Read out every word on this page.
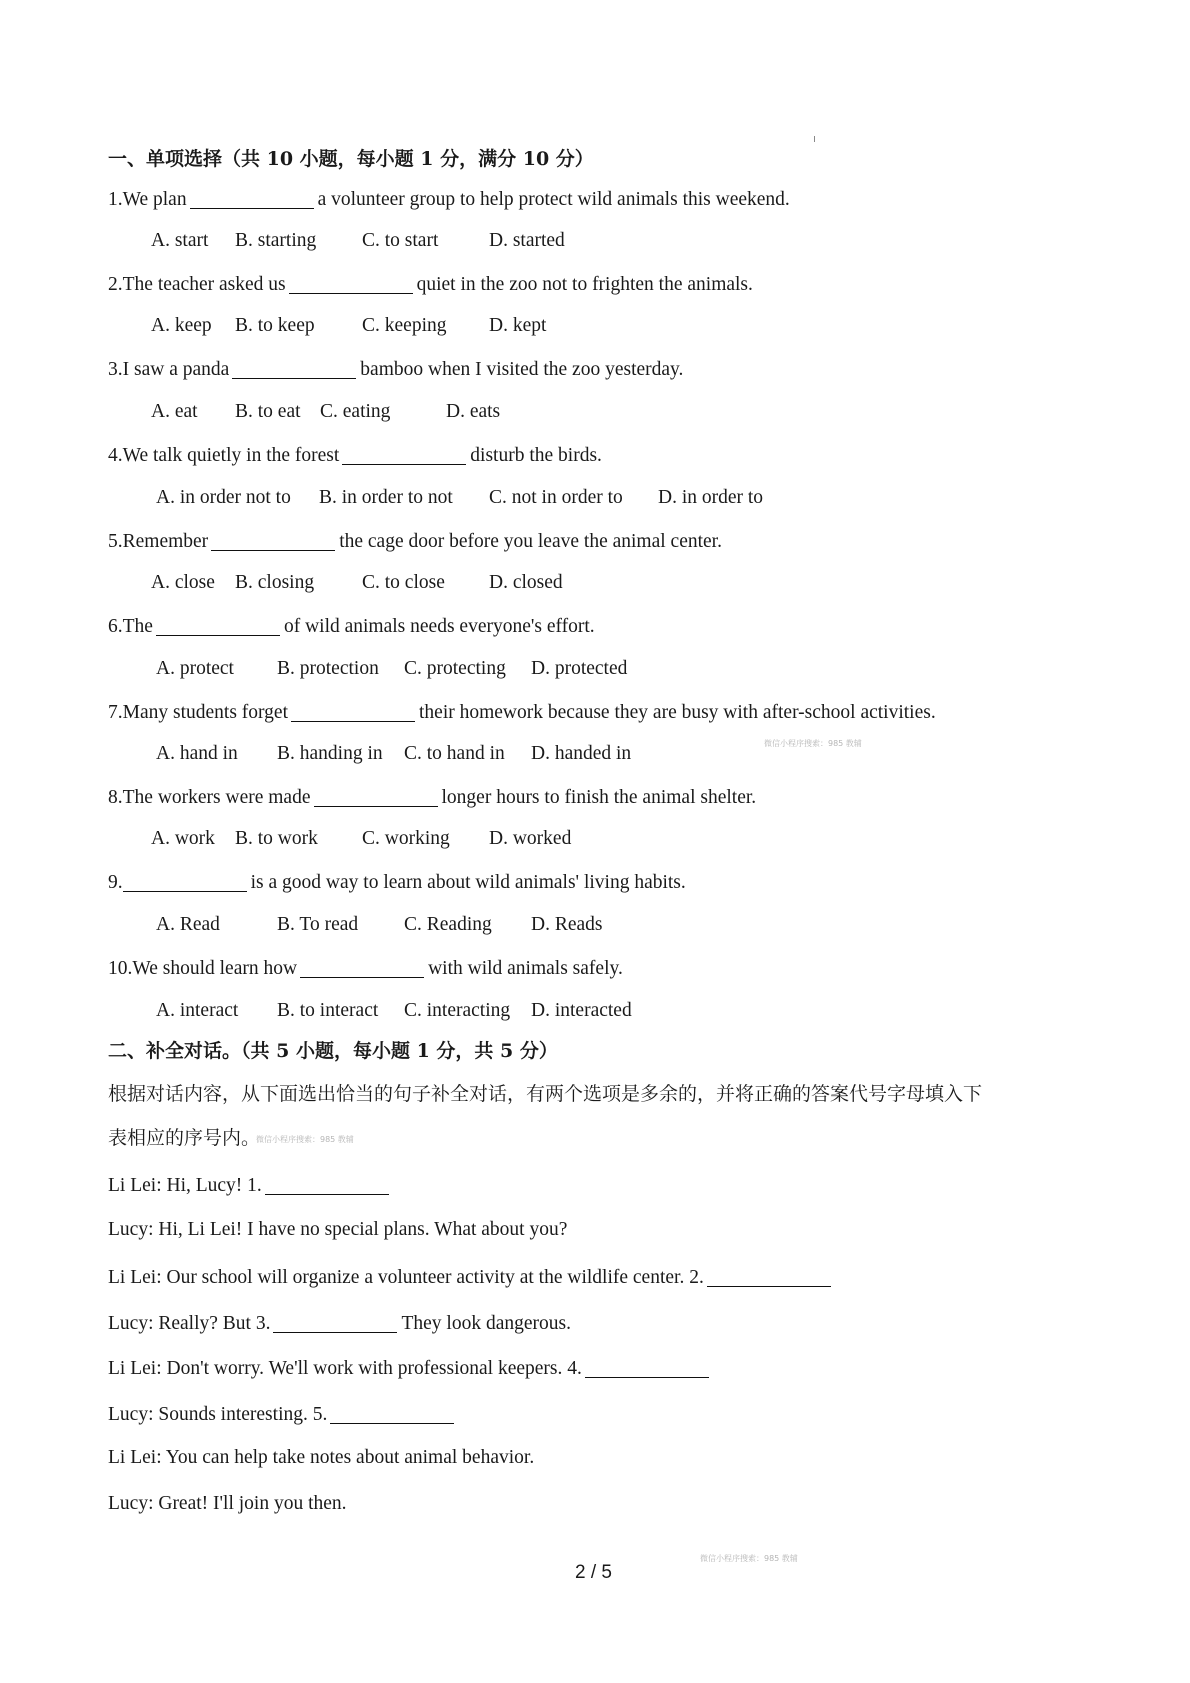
一、单项选择（共 10 小题，每小题 1 分，满分 10 分）
1.We plan	a volunteer group to help protect wild animals this weekend.
A. start B. starting C. to start	D. started
2.The teacher asked us	quiet in the zoo not to frighten the animals.
A. keep B. to keep C. keeping D. kept
3.I saw a panda	bamboo when I visited the zoo yesterday.
A. eat B. to eat C. eating	D. eats
4.We talk quietly in the forest	disturb the birds.
A. in order not to B. in order to not C. not in order to D. in order to
5.Remember	the cage door before you leave the animal center.
A. close B. closing C. to close D. closed
6.The	of wild animals needs everyone's effort.
A. protect B. protection C. protecting D. protected
7.Many students forget	their homework because they are busy with after-school activities.
A. hand in B. handing in C. to hand in D. handed in	微信小程序搜索：985 教辅
8.The workers were made	longer hours to finish the animal shelter.
A. work B. to work C. working D. worked
9.	is a good way to learn about wild animals' living habits.
A. Read	B. To read C. Reading D. Reads
10.We should learn how	with wild animals safely.
A. interact B. to interact C. interacting D. interacted
二、补全对话。（共 5 小题，每小题 1 分，共 5 分）
根据对话内容，从下面选出恰当的句子补全对话，有两个选项是多余的，并将正确的答案代号字母填入下
表相应的序号内。
微信小程序搜索：985 教辅
Li Lei: Hi, Lucy! 1.
Lucy: Hi, Li Lei! I have no special plans. What about you?
Li Lei: Our school will organize a volunteer activity at the wildlife center. 2.
Lucy: Really? But 3.	They look dangerous.
Li Lei: Don't worry. We'll work with professional keepers. 4.
Lucy: Sounds interesting. 5.
Li Lei: You can help take notes about animal behavior.
Lucy: Great! I'll join you then.
微信小程序搜索：985 教辅
2 / 5
